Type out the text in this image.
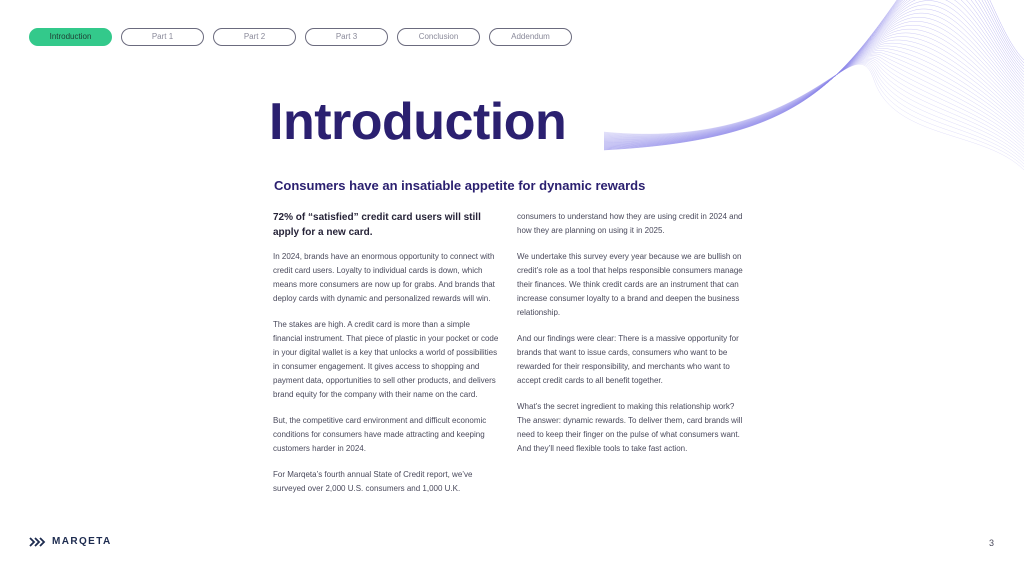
Introduction	Part 1	Part 2	Part 3	Conclusion	Addendum
Introduction
Consumers have an insatiable appetite for dynamic rewards

72% of “satisfied” credit card users will still apply for a new card.

In 2024, brands have an enormous opportunity to connect with credit card users. Loyalty to individual cards is down, which means more consumers are now up for grabs. And brands that deploy cards with dynamic and personalized rewards will win.

The stakes are high. A credit card is more than a simple financial instrument. That piece of plastic in your pocket or code in your digital wallet is a key that unlocks a world of possibilities in consumer engagement. It gives access to shopping and payment data, opportunities to sell other products, and delivers brand equity for the company with their name on the card.

But, the competitive card environment and difficult economic conditions for consumers have made attracting and keeping customers harder in 2024.

For Marqeta’s fourth annual State of Credit report, we’ve surveyed over 2,000 U.S. consumers and 1,000 U.K.

consumers to understand how they are using credit in 2024 and how they are planning on using it in 2025.

We undertake this survey every year because we are bullish on credit’s role as a tool that helps responsible consumers manage their finances. We think credit cards are an instrument that can increase consumer loyalty to a brand and deepen the business relationship.

And our findings were clear: There is a massive opportunity for brands that want to issue cards, consumers who want to be rewarded for their responsibility, and merchants who want to accept credit cards to all benefit together.

What’s the secret ingredient to making this relationship work? The answer: dynamic rewards. To deliver them, card brands will need to keep their finger on the pulse of what consumers want. And they’ll need flexible tools to take fast action.

MARQETA	3
